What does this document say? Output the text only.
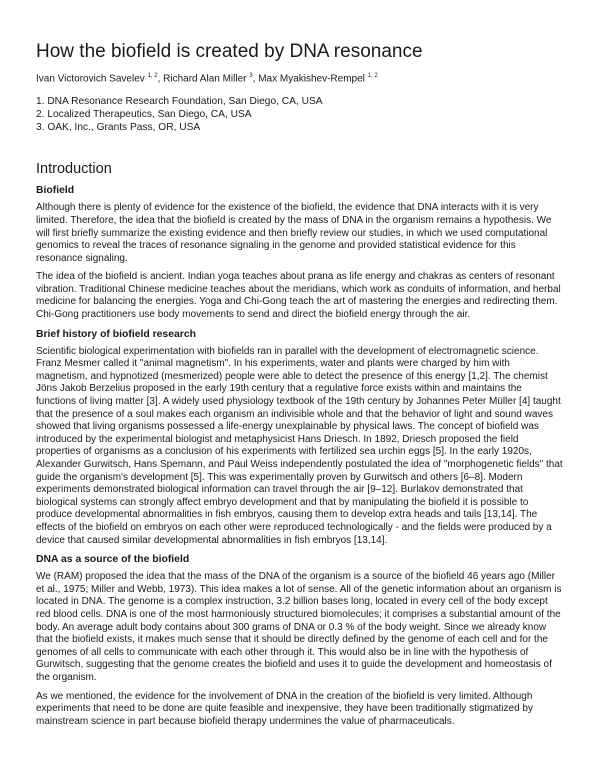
How the biofield is created by DNA resonance
Ivan Victorovich Savelev $^{1, 2}$, Richard Alan Miller $^3$, Max Myakishev-Rempel $^{1, 2}$

1. DNA Resonance Research Foundation, San Diego, CA, USA

2. Localized Therapeutics, San Diego, CA, USA

3. OAK, Inc., Grants Pass, OR, USA

Introduction
Biofield

Although there is plenty of evidence for the existence of the biofield, the evidence that DNA interacts with it is very limited. Therefore, the idea that the biofield is created by the mass of DNA in the organism remains a hypothesis. We will first briefly summarize the existing evidence and then briefly review our studies, in which we used computational genomics to reveal the traces of resonance signaling in the genome and provided statistical evidence for this resonance signaling.

The idea of the biofield is ancient. Indian yoga teaches about prana as life energy and chakras as centers of resonant vibration. Traditional Chinese medicine teaches about the meridians, which work as conduits of information, and herbal medicine for balancing the energies. Yoga and Chi-Gong teach the art of mastering the energies and redirecting them. Chi-Gong practitioners use body movements to send and direct the biofield energy through the air.

Brief history of biofield research

Scientific biological experimentation with biofields ran in parallel with the development of electromagnetic science. Franz Mesmer called it "animal magnetism". In his experiments, water and plants were charged by him with magnetism, and hypnotized (mesmerized) people were able to detect the presence of this energy [1,2]. The chemist Jöns Jakob Berzelius proposed in the early 19th century that a regulative force exists within and maintains the functions of living matter [3]. A widely used physiology textbook of the 19th century by Johannes Peter Müller [4] taught that the presence of a soul makes each organism an indivisible whole and that the behavior of light and sound waves showed that living organisms possessed a life-energy unexplainable by physical laws. The concept of biofield was introduced by the experimental biologist and metaphysicist Hans Driesch. In 1892, Driesch proposed the field properties of organisms as a conclusion of his experiments with fertilized sea urchin eggs [5]. In the early 1920s, Alexander Gurwitsch, Hans Spemann, and Paul Weiss independently postulated the idea of "morphogenetic fields" that guide the organism's development [5]. This was experimentally proven by Gurwitsch and others [6–8]. Modern experiments demonstrated biological information can travel through the air [9–12]. Burlakov demonstrated that biological systems can strongly affect embryo development and that by manipulating the biofield it is possible to produce developmental abnormalities in fish embryos, causing them to develop extra heads and tails [13,14]. The effects of the biofield on embryos on each other were reproduced technologically - and the fields were produced by a device that caused similar developmental abnormalities in fish embryos [13,14].

DNA as a source of the biofield

We (RAM) proposed the idea that the mass of the DNA of the organism is a source of the biofield 46 years ago (Miller et al., 1975; Miller and Webb, 1973). This idea makes a lot of sense. All of the genetic information about an organism is located in DNA. The genome is a complex instruction, 3.2 billion bases long, located in every cell of the body except red blood cells. DNA is one of the most harmoniously structured biomolecules; it comprises a substantial amount of the body. An average adult body contains about 300 grams of DNA or 0.3 % of the body weight. Since we already know that the biofield exists, it makes much sense that it should be directly defined by the genome of each cell and for the genomes of all cells to communicate with each other through it. This would also be in line with the hypothesis of Gurwitsch, suggesting that the genome creates the biofield and uses it to guide the development and homeostasis of the organism.

As we mentioned, the evidence for the involvement of DNA in the creation of the biofield is very limited. Although experiments that need to be done are quite feasible and inexpensive, they have been traditionally stigmatized by mainstream science in part because biofield therapy undermines the value of pharmaceuticals.
